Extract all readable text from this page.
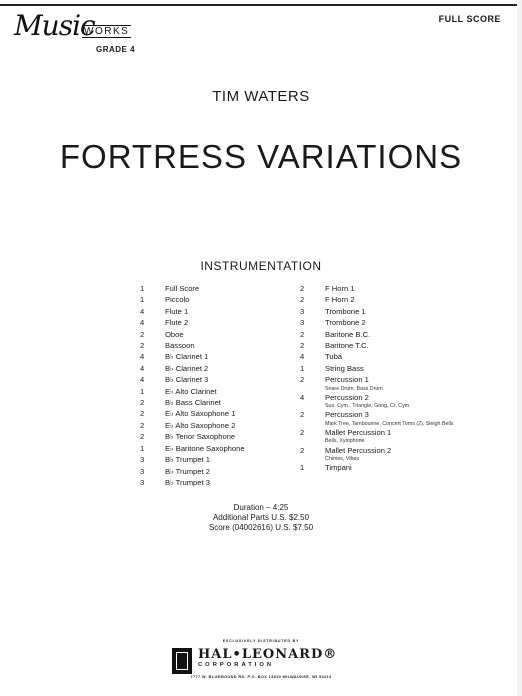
Music
WORKS
GRADE 4
FULL SCORE
TIM WATERS
FORTRESS VARIATIONS
INSTRUMENTATION
1	Full Score
1	Piccolo
4	Flute 1
4	Flute 2
2	Oboe
2	Bassoon
4	B♭ Clarinet 1
4	B♭ Clarinet 2
4	B♭ Clarinet 3
1	E♭ Alto Clarinet
2	B♭ Bass Clarinet
2	E♭ Alto Saxophone 1
2	E♭ Alto Saxophone 2
2	B♭ Tenor Saxophone
1	E♭ Baritone Saxophone
3	B♭ Trumpet 1
3	B♭ Trumpet 2
3	B♭ Trumpet 3
2	F Horn 1
2	F Horn 2
3	Trombone 1
3	Trombone 2
2	Baritone B.C.
2	Baritone T.C.
4	Tuba
1	String Bass
2	Percussion 1
Snare Drum, Bass Drum
4	Percussion 2
Sus. Cym., Triangle, Gong, Cr. Cym.
2	Percussion 3
Mark Tree, Tambourine, Concert Toms (2), Sleigh Bells
2	Mallet Percussion 1
Bells, Xylophone
2	Mallet Percussion 2
Chimes, Vibes
1	Timpani
Duration – 4:25
Additional Parts U.S. $2.50
Score (04002616) U.S. $7.50
EXCLUSIVELY DISTRIBUTED BY
HAL•LEONARD®
CORPORATION
7777 W. BLUEMOUND RD. P.O. BOX 13819 MILWAUKEE, WI 53213
